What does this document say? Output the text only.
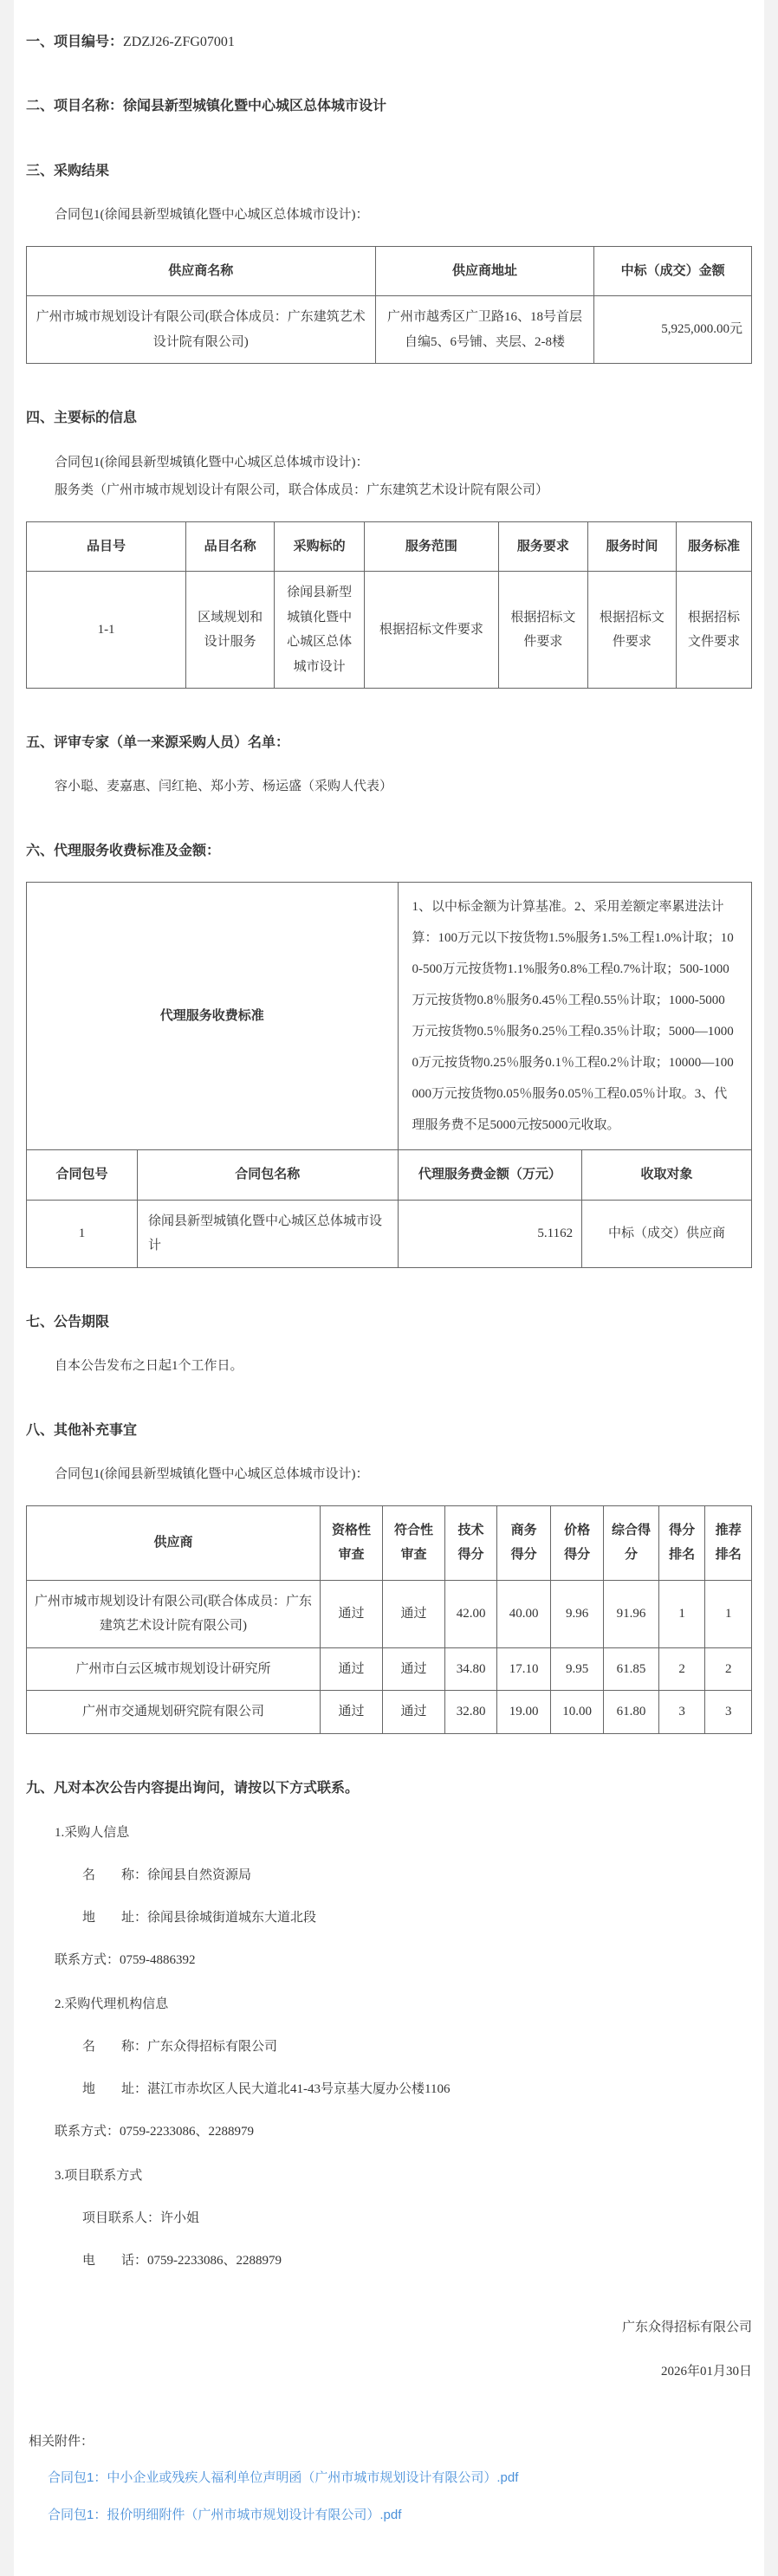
一、项目编号：ZDZJ26-ZFG07001
二、项目名称：徐闻县新型城镇化暨中心城区总体城市设计
三、采购结果
合同包1(徐闻县新型城镇化暨中心城区总体城市设计)：
供应商名称	供应商地址	中标（成交）金额
广州市城市规划设计有限公司(联合体成员：广东建筑艺术设计院有限公司)	广州市越秀区广卫路16、18号首层自编5、6号铺、夹层、2-8楼	5,925,000.00元
四、主要标的信息
合同包1(徐闻县新型城镇化暨中心城区总体城市设计)：
服务类（广州市城市规划设计有限公司，联合体成员：广东建筑艺术设计院有限公司）
品目号	品目名称	采购标的	服务范围	服务要求	服务时间	服务标准
1-1	区域规划和设计服务	徐闻县新型城镇化暨中心城区总体城市设计	根据招标文件要求	根据招标文件要求	根据招标文件要求	根据招标文件要求
五、评审专家（单一来源采购人员）名单：
容小聪、麦嘉惠、闫红艳、郑小芳、杨运盛（采购人代表）
六、代理服务收费标准及金额：
代理服务收费标准		1、以中标金额为计算基准。2、采用差额定率累进法计算：100万元以下按货物1.5%服务1.5%工程1.0%计取；100-500万元按货物1.1%服务0.8%工程0.7%计取；500-1000万元按货物0.8％服务0.45％工程0.55％计取；1000-5000万元按货物0.5％服务0.25％工程0.35％计取；5000—10000万元按货物0.25％服务0.1％工程0.2％计取；10000—100000万元按货物0.05％服务0.05％工程0.05％计取。3、代理服务费不足5000元按5000元收取。	
合同包号	合同包名称	代理服务费金额（万元）	收取对象
1	徐闻县新型城镇化暨中心城区总体城市设计	5.1162	中标（成交）供应商
七、公告期限
自本公告发布之日起1个工作日。
八、其他补充事宜
合同包1(徐闻县新型城镇化暨中心城区总体城市设计)：
供应商	资格性审查	符合性审查	技术得分	商务得分	价格得分	综合得分	得分排名	推荐排名
广州市城市规划设计有限公司(联合体成员：广东建筑艺术设计院有限公司)	通过	通过	42.00	40.00	9.96	91.96	1	1
广州市白云区城市规划设计研究所	通过	通过	34.80	17.10	9.95	61.85	2	2
广州市交通规划研究院有限公司	通过	通过	32.80	19.00	10.00	61.80	3	3
九、凡对本次公告内容提出询问，请按以下方式联系。
1.采购人信息
名　　称：徐闻县自然资源局
地　　址：徐闻县徐城街道城东大道北段
联系方式：0759-4886392
2.采购代理机构信息
名　　称：广东众得招标有限公司
地　　址：湛江市赤坎区人民大道北41-43号京基大厦办公楼1106
联系方式：0759-2233086、2288979
3.项目联系方式
项目联系人：许小姐
电　　话：0759-2233086、2288979
广东众得招标有限公司
2026年01月30日
相关附件：
合同包1：中小企业或残疾人福利单位声明函（广州市城市规划设计有限公司）.pdf
合同包1：报价明细附件（广州市城市规划设计有限公司）.pdf
